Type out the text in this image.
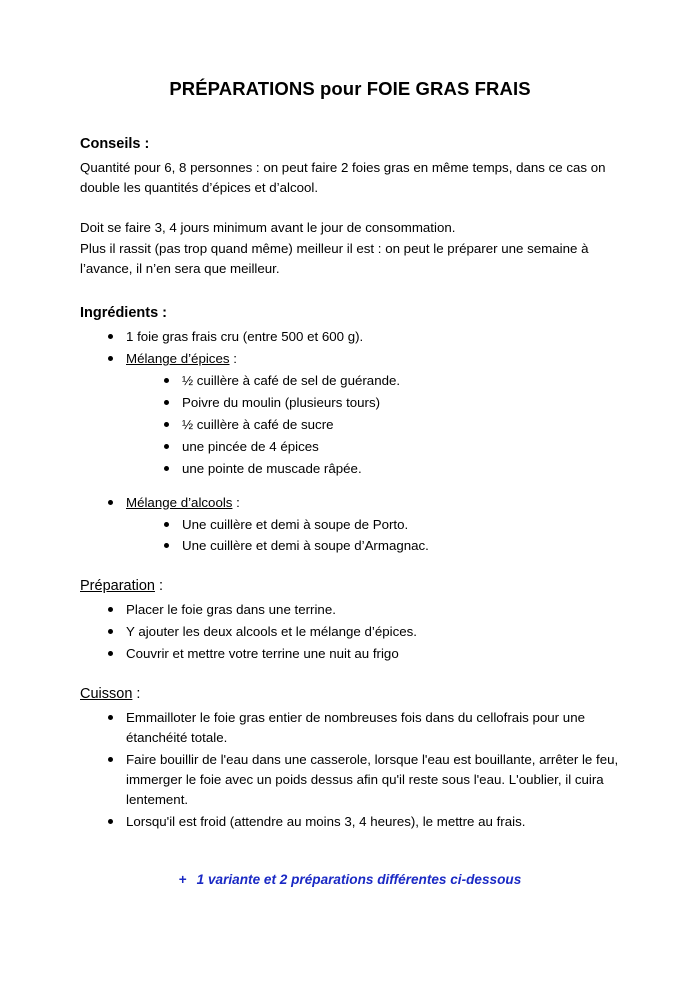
PRÉPARATIONS pour FOIE GRAS FRAIS
Conseils :

Quantité pour 6, 8 personnes : on peut faire 2 foies gras en même temps, dans ce cas on double les quantités d’épices et d’alcool.

Doit se faire 3, 4 jours minimum avant le jour de consommation.

Plus il rassit (pas trop quand même) meilleur il est : on peut le préparer une semaine à l’avance, il n’en sera que meilleur.

Ingrédients :
1 foie gras frais cru (entre 500 et 600 g).
Mélange d’épices :
½ cuillère à café de sel de guérande.
Poivre du moulin (plusieurs tours)
½ cuillère à café de sucre
une pincée de 4 épices
une pointe de muscade râpée.
Mélange d’alcools :
Une cuillère et demi à soupe de Porto.
Une cuillère et demi à soupe d’Armagnac.
Préparation :
Placer le foie gras dans une terrine.
Y ajouter les deux alcools et le mélange d’épices.
Couvrir et mettre votre terrine une nuit au frigo
Cuisson :
Emmailloter le foie gras entier de nombreuses fois dans du cellofrais pour une étanchéité totale.
Faire bouillir de l'eau dans une casserole, lorsque l'eau est bouillante, arrêter le feu, immerger le foie avec un poids dessus afin qu'il reste sous l'eau. L'oublier, il cuira lentement.
Lorsqu'il est froid (attendre au moins 3, 4 heures), le mettre au frais.
+ 1 variante et 2 préparations différentes ci-dessous
